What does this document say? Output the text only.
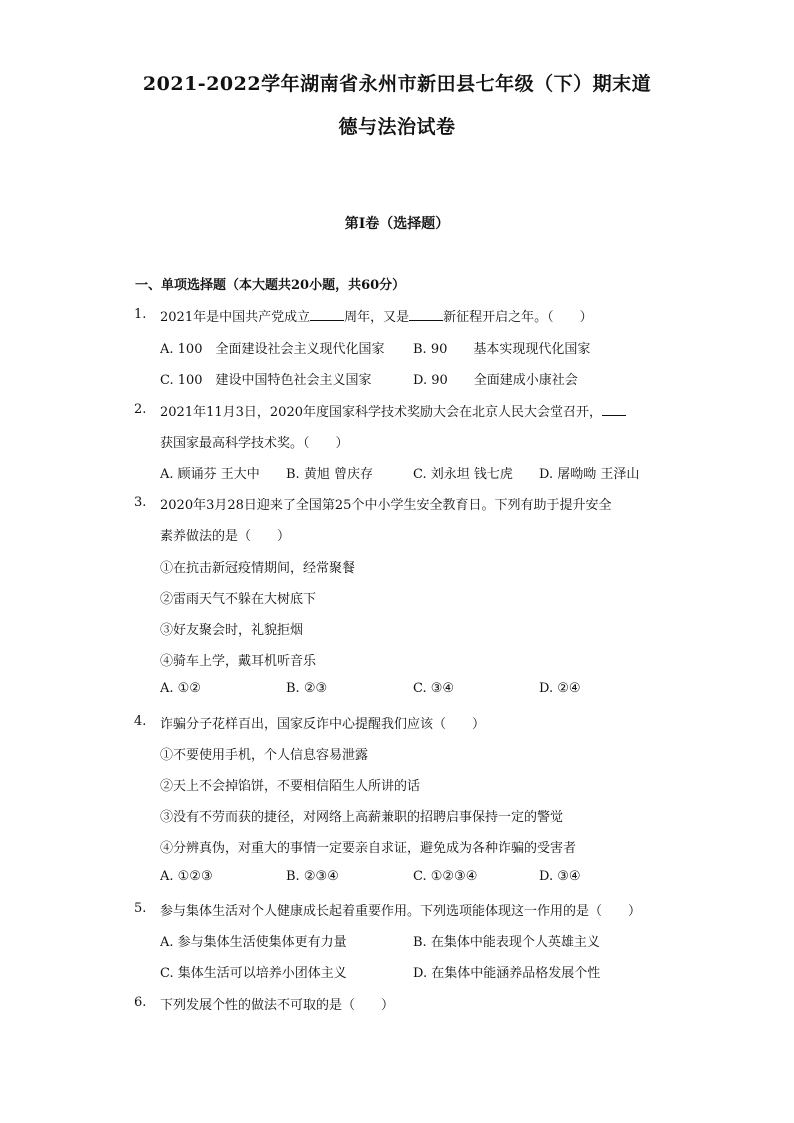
2021-2022学年湖南省永州市新田县七年级（下）期末道
德与法治试卷
第I卷（选择题）
一、单项选择题（本大题共20小题，共60分）
1. 2021年是中国共产党成立	周年，又是	新征程开启之年。（　　）
A. 100　全面建设社会主义现代化国家 B. 90　　基本实现现代化国家
C. 100　建设中国特色社会主义国家	D. 90　　全面建成小康社会
2. 2021年11月3日，2020年度国家科学技术奖励大会在北京人民大会堂召开，
获国家最高科学技术奖。（　　）
A. 顾诵芬 王大中 B. 黄旭 曾庆存	C. 刘永坦 钱七虎 D. 屠呦呦 王泽山
3. 2020年3月28日迎来了全国第25个中小学生安全教育日。下列有助于提升安全
素养做法的是（　　）
①在抗击新冠疫情期间，经常聚餐
②雷雨天气不躲在大树底下
③好友聚会时，礼貌拒烟
④骑车上学，戴耳机听音乐
A. ①②	B. ②③	C. ③④	D. ②④
4. 诈骗分子花样百出，国家反诈中心提醒我们应该（　　）
①不要使用手机，个人信息容易泄露
②天上不会掉馅饼，不要相信陌生人所讲的话
③没有不劳而获的捷径，对网络上高薪兼职的招聘启事保持一定的警觉
④分辨真伪，对重大的事情一定要亲自求证，避免成为各种诈骗的受害者
A. ①②③	B. ②③④	C. ①②③④	D. ③④
5. 参与集体生活对个人健康成长起着重要作用。下列选项能体现这一作用的是（　　）
A. 参与集体生活使集体更有力量	B. 在集体中能表现个人英雄主义
C. 集体生活可以培养小团体主义	D. 在集体中能涵养品格发展个性
6. 下列发展个性的做法不可取的是（　　）
